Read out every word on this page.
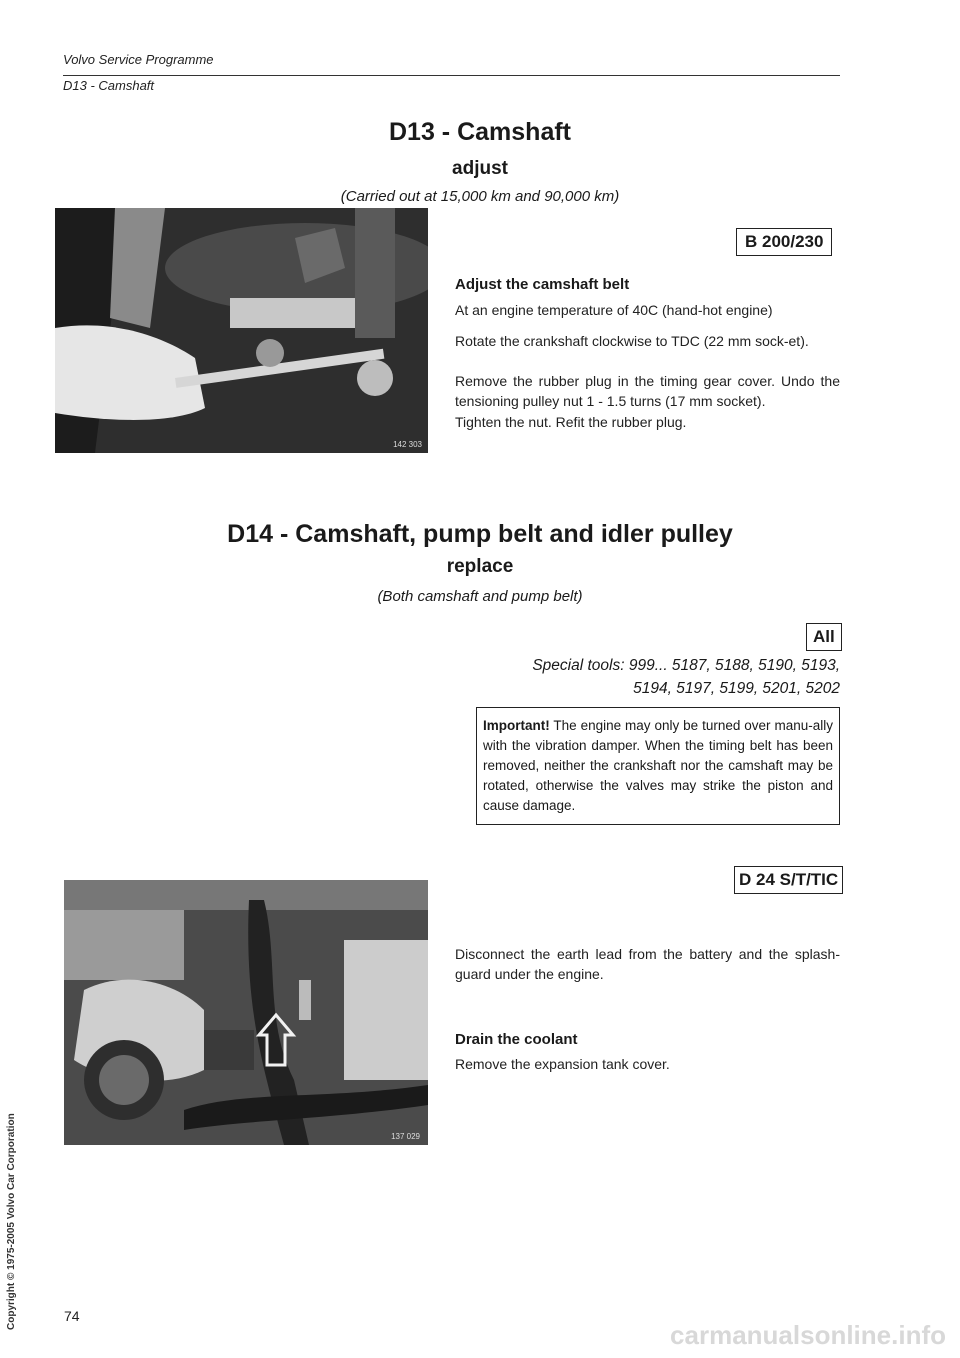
Volvo Service Programme
D13 - Camshaft
D13 - Camshaft
adjust
(Carried out at 15,000 km and 90,000 km)
142 303
B 200/230
Adjust the camshaft belt
At an engine temperature of 40C (hand-hot engine)
Rotate the crankshaft clockwise to TDC (22 mm sock-et).
Remove the rubber plug in the timing gear cover. Undo the tensioning pulley nut 1 - 1.5 turns (17 mm socket).
Tighten the nut. Refit the rubber plug.
D14 - Camshaft, pump belt and idler pulley
replace
(Both camshaft and pump belt)
All
Special tools: 999... 5187, 5188, 5190, 5193,
5194, 5197, 5199, 5201, 5202
Important! The engine may only be turned over manu-ally with the vibration damper. When the timing belt has been removed, neither the crankshaft nor the camshaft may be rotated, otherwise the valves may strike the piston and cause damage.
D 24 S/T/TIC
Disconnect the earth lead from the battery and the splash-guard under the engine.
Drain the coolant
Remove the expansion tank cover.
137 029
74
Copyright © 1975-2005 Volvo Car Corporation
carmanualsonline.info
